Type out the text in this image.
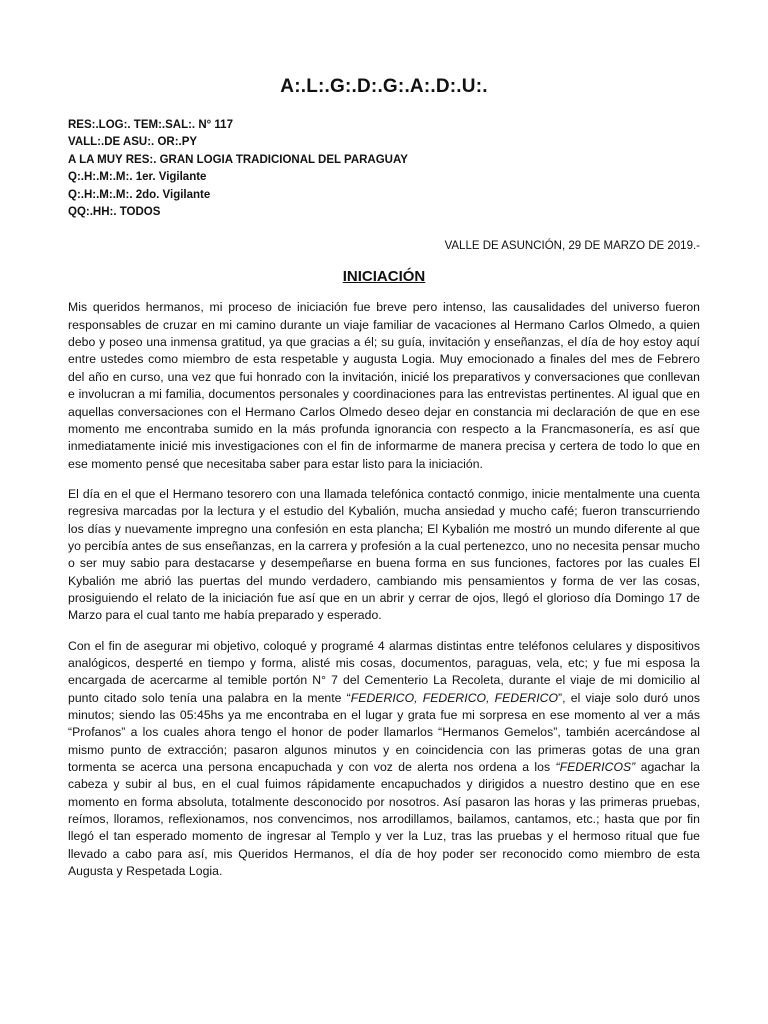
A:.L:.G:.D:.G:.A:.D:.U:.
RES:.LOG:. TEM:.SAL:. N° 117
VALL:.DE ASU:. OR:.PY
A LA MUY RES:. GRAN LOGIA TRADICIONAL DEL PARAGUAY
Q:.H:.M:.M:. 1er. Vigilante
Q:.H:.M:.M:. 2do. Vigilante
QQ:.HH:. TODOS
VALLE DE ASUNCIÓN, 29 DE MARZO DE 2019.-
INICIACIÓN

Mis queridos hermanos, mi proceso de iniciación fue breve pero intenso, las causalidades del universo fueron responsables de cruzar en mi camino durante un viaje familiar de vacaciones al Hermano Carlos Olmedo, a quien debo y poseo una inmensa gratitud, ya que gracias a él; su guía, invitación y enseñanzas, el día de hoy estoy aquí entre ustedes como miembro de esta respetable y augusta Logia. Muy emocionado a finales del mes de Febrero del año en curso, una vez que fui honrado con la invitación, inicié los preparativos y conversaciones que conllevan e involucran a mi familia, documentos personales y coordinaciones para las entrevistas pertinentes. Al igual que en aquellas conversaciones con el Hermano Carlos Olmedo deseo dejar en constancia mi declaración de que en ese momento me encontraba sumido en la más profunda ignorancia con respecto a la Francmasonería, es así que inmediatamente inicié mis investigaciones con el fin de informarme de manera precisa y certera de todo lo que en ese momento pensé que necesitaba saber para estar listo para la iniciación.

El día en el que el Hermano tesorero con una llamada telefónica contactó conmigo, inicie mentalmente una cuenta regresiva marcadas por la lectura y el estudio del Kybalión, mucha ansiedad y mucho café; fueron transcurriendo los días y nuevamente impregno una confesión en esta plancha; El Kybalión me mostró un mundo diferente al que yo percibía antes de sus enseñanzas, en la carrera y profesión a la cual pertenezco, uno no necesita pensar mucho o ser muy sabio para destacarse y desempeñarse en buena forma en sus funciones, factores por las cuales El Kybalión me abrió las puertas del mundo verdadero, cambiando mis pensamientos y forma de ver las cosas, prosiguiendo el relato de la iniciación fue así que en un abrir y cerrar de ojos, llegó el glorioso día Domingo 17 de Marzo para el cual tanto me había preparado y esperado.

Con el fin de asegurar mi objetivo, coloqué y programé 4 alarmas distintas entre teléfonos celulares y dispositivos analógicos, desperté en tiempo y forma, alisté mis cosas, documentos, paraguas, vela, etc; y fue mi esposa la encargada de acercarme al temible portón N° 7 del Cementerio La Recoleta, durante el viaje de mi domicilio al punto citado solo tenía una palabra en la mente “FEDERICO, FEDERICO, FEDERICO”, el viaje solo duró unos minutos; siendo las 05:45hs ya me encontraba en el lugar y grata fue mi sorpresa en ese momento al ver a más “Profanos” a los cuales ahora tengo el honor de poder llamarlos “Hermanos Gemelos”, también acercándose al mismo punto de extracción; pasaron algunos minutos y en coincidencia con las primeras gotas de una gran tormenta se acerca una persona encapuchada y con voz de alerta nos ordena a los “FEDERICOS” agachar la cabeza y subir al bus, en el cual fuimos rápidamente encapuchados y dirigidos a nuestro destino que en ese momento en forma absoluta, totalmente desconocido por nosotros. Así pasaron las horas y las primeras pruebas, reímos, lloramos, reflexionamos, nos convencimos, nos arrodillamos, bailamos, cantamos, etc.; hasta que por fin llegó el tan esperado momento de ingresar al Templo y ver la Luz, tras las pruebas y el hermoso ritual que fue llevado a cabo para así, mis Queridos Hermanos, el día de hoy poder ser reconocido como miembro de esta Augusta y Respetada Logia.
